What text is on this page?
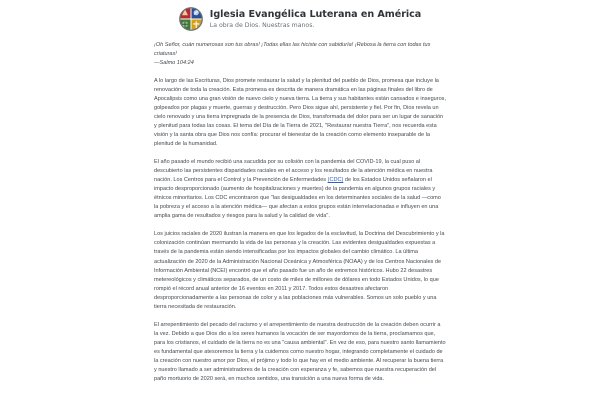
Iglesia Evangélica Luterana en América
La obra de Dios. Nuestras manos.
¡Oh Señor, cuán numerosas son tus obras! ¡Todas ellas las hiciste con sabiduría! ¡Rebosa la tierra con todas tus criaturas!
—Salmo 104:24

A lo largo de las Escrituras, Dios promete restaurar la salud y la plenitud del pueblo de Dios, promesa que incluye la renovación de toda la creación. Esta promesa es descrita de manera dramática en las páginas finales del libro de Apocalipsis como una gran visión de nuevo cielo y nueva tierra. La tierra y sus habitantes están cansados e inseguros, golpeados por plagas y muerte, guerras y destrucción. Pero Dios sigue ahí, persistente y fiel. Por fin, Dios revela un cielo renovado y una tierra impregnada de la presencia de Dios, transformada del dolor para ser un lugar de sanación y plenitud para todas las cosas. El tema del Día de la Tierra de 2021, "Restaurar nuestra Tierra", nos recuerda esta visión y la santa obra que Dios nos confía: procurar el bienestar de la creación como elemento inseparable de la plenitud de la humanidad.

El año pasado el mundo recibió una sacudida por su colisión con la pandemia del COVID-19, la cual puso al descubierto las persistentes disparidades raciales en el acceso y los resultados de la atención médica en nuestra nación. Los Centros para el Control y la Prevención de Enfermedades (CDC) de los Estados Unidos señalaron el impacto desproporcionado (aumento de hospitalizaciones y muertes) de la pandemia en algunos grupos raciales y étnicos minoritarios. Los CDC encontraron que "las desigualdades en los determinantes sociales de la salud —como la pobreza y el acceso a la atención médica— que afectan a estos grupos están interrelacionadas e influyen en una amplia gama de resultados y riesgos para la salud y la calidad de vida".

Los juicios raciales de 2020 ilustran la manera en que los legados de la esclavitud, la Doctrina del Descubrimiento y la colonización continúan mermando la vida de las personas y la creación. Las evidentes desigualdades expuestas a través de la pandemia están siendo intensificadas por los impactos globales del cambio climático. La última actualización de 2020 de la Administración Nacional Oceánica y Atmosférica (NOAA) y de los Centros Nacionales de Información Ambiental (NCEI) encontró que el año pasado fue un año de extremos históricos. Hubo 22 desastres metereológicos y climáticos separados, de un costo de miles de millones de dólares en todo Estados Unidos, lo que rompió el récord anual anterior de 16 eventos en 2011 y 2017. Todos estos desastres afectaron desproporcionadamente a las personas de color y a las poblaciones más vulnerables. Somos un solo pueblo y una tierra necesitada de restauración.

El arrepentimiento del pecado del racismo y el arrepentimiento de nuestra destrucción de la creación deben ocurrir a la vez. Debido a que Dios dio a los seres humanos la vocación de ser mayordomos de la tierra, proclamamos que, para los cristianos, el cuidado de la tierra no es una "causa ambiental". En vez de eso, para nuestro santo llamamiento es fundamental que atesoremos la tierra y la cuidemos como nuestro hogar, integrando completamente el cuidado de la creación con nuestro amor por Dios, el prójimo y todo lo que hay en el medio ambiente. Al recuperar la buena tierra y nuestro llamado a ser administradores de la creación con esperanza y fe, sabemos que nuestra recuperación del paño mortuorio de 2020 será, en muchos sentidos, una transición a una nueva forma de vida.
